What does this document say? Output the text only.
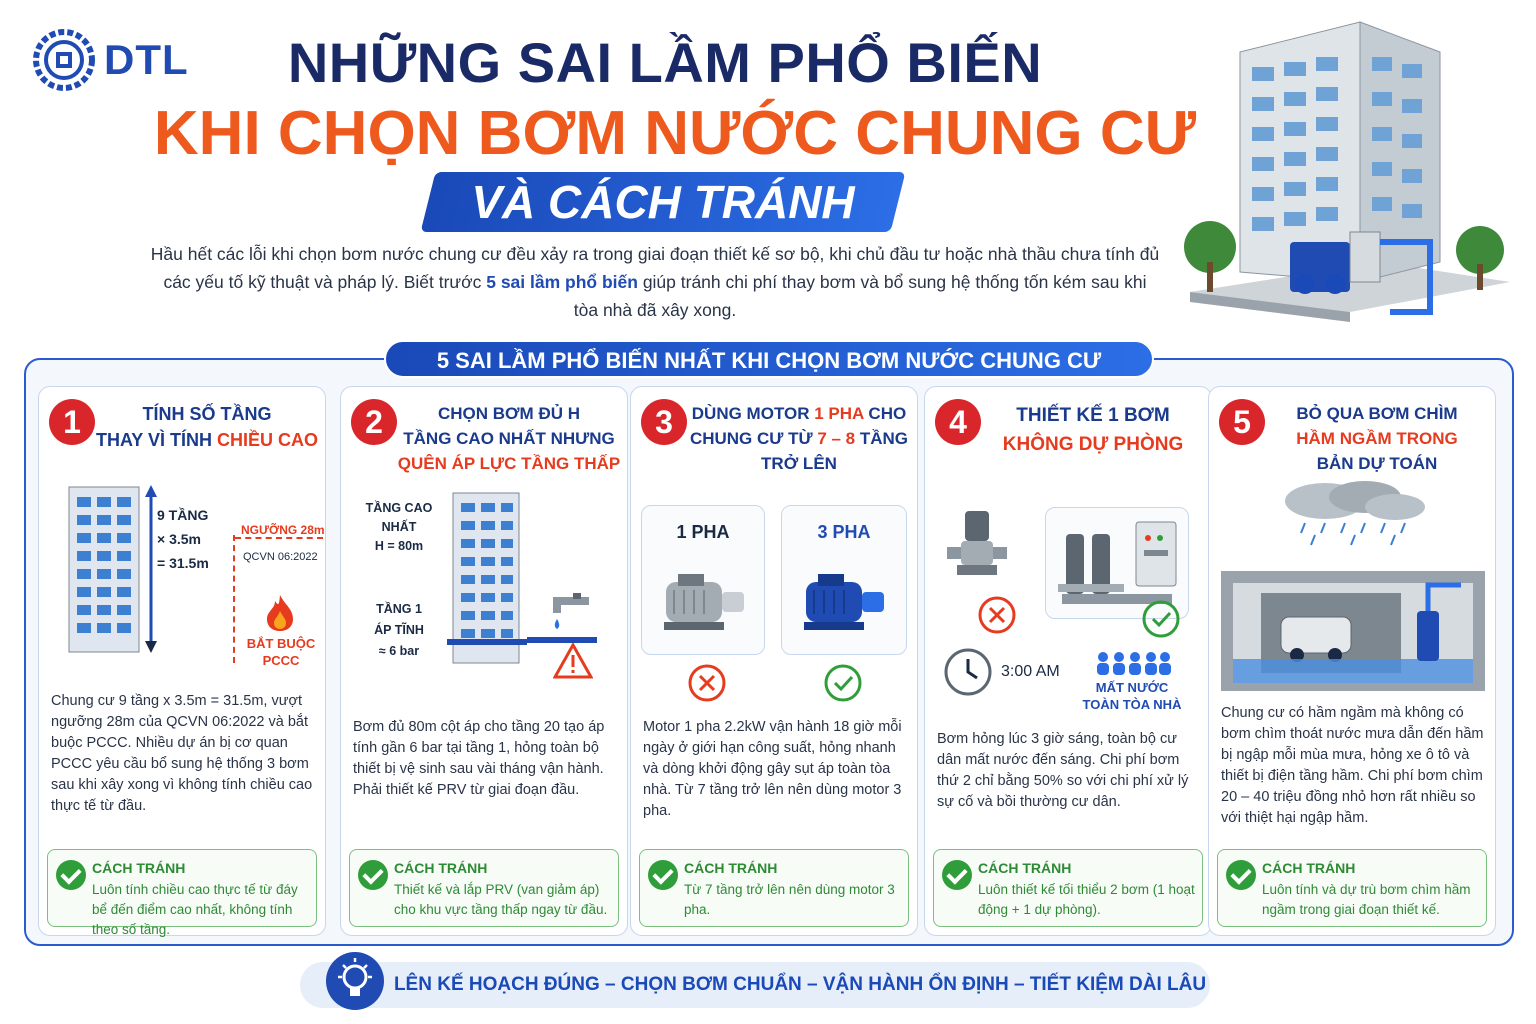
DTL	NHỮNG SAI LẦM PHỔ BIẾN
KHI CHỌN BƠM NƯỚC CHUNG CƯ
VÀ CÁCH TRÁNH
Hầu hết các lỗi khi chọn bơm nước chung cư đều xảy ra trong giai đoạn thiết kế sơ bộ, khi chủ đầu tư hoặc nhà thầu chưa tính đủ các yếu tố kỹ thuật và pháp lý. Biết trước 5 sai lầm phổ biến giúp tránh chi phí thay bơm và bổ sung hệ thống tốn kém sau khi tòa nhà đã xây xong.
5 SAI LẦM PHỔ BIẾN NHẤT KHI CHỌN BƠM NƯỚC CHUNG CƯ
1	TÍNH SỐ TẦNG
THAY VÌ TÍNH CHIỀU CAO
9 TẦNG
× 3.5m
= 31.5m
NGƯỠNG 28m
QCVN 06:2022
BẮT BUỘC
PCCC
Chung cư 9 tầng x 3.5m = 31.5m, vượt ngưỡng 28m của QCVN 06:2022 và bắt buộc PCCC. Nhiều dự án bị cơ quan PCCC yêu cầu bổ sung hệ thống 3 bơm sau khi xây xong vì không tính chiều cao thực tế từ đầu.
CÁCH TRÁNH
Luôn tính chiều cao thực tế từ đáy bể đến điểm cao nhất, không tính theo số tầng.
2	CHỌN BƠM ĐỦ H
TẦNG CAO NHẤT NHƯNG
QUÊN ÁP LỰC TẦNG THẤP
TẦNG CAO NHẤT
H = 80m
TẦNG 1
ÁP TĨNH
≈ 6 bar
Bơm đủ 80m cột áp cho tầng 20 tạo áp tính gần 6 bar tại tầng 1, hỏng toàn bộ thiết bị vệ sinh sau vài tháng vận hành. Phải thiết kế PRV từ giai đoạn đầu.
CÁCH TRÁNH
Thiết kế và lắp PRV (van giảm áp) cho khu vực tầng thấp ngay từ đầu.
3	DÙNG MOTOR 1 PHA CHO
CHUNG CƯ TỪ 7 – 8 TẦNG
TRỞ LÊN
1 PHA	3 PHA
Motor 1 pha 2.2kW vận hành 18 giờ mỗi ngày ở giới hạn công suất, hỏng nhanh và dòng khởi động gây sụt áp toàn tòa nhà. Từ 7 tầng trở lên nên dùng motor 3 pha.
CÁCH TRÁNH
Từ 7 tầng trở lên nên dùng motor 3 pha.
4	THIẾT KẾ 1 BƠM
KHÔNG DỰ PHÒNG
3:00 AM
MẤT NƯỚC
TOÀN TÒA NHÀ
Bơm hỏng lúc 3 giờ sáng, toàn bộ cư dân mất nước đến sáng. Chi phí bơm thứ 2 chỉ bằng 50% so với chi phí xử lý sự cố và bồi thường cư dân.
CÁCH TRÁNH
Luôn thiết kế tối thiểu 2 bơm (1 hoạt động + 1 dự phòng).
5	BỎ QUA BƠM CHÌM
HẦM NGẦM TRONG
BẢN DỰ TOÁN
Chung cư có hầm ngầm mà không có bơm chìm thoát nước mưa dẫn đến hầm bị ngập mỗi mùa mưa, hỏng xe ô tô và thiết bị điện tầng hầm. Chi phí bơm chìm 20 – 40 triệu đồng nhỏ hơn rất nhiều so với thiệt hại ngập hầm.
CÁCH TRÁNH
Luôn tính và dự trù bơm chìm hầm ngầm trong giai đoạn thiết kế.
LÊN KẾ HOẠCH ĐÚNG – CHỌN BƠM CHUẨN – VẬN HÀNH ỔN ĐỊNH – TIẾT KIỆM DÀI LÂU
